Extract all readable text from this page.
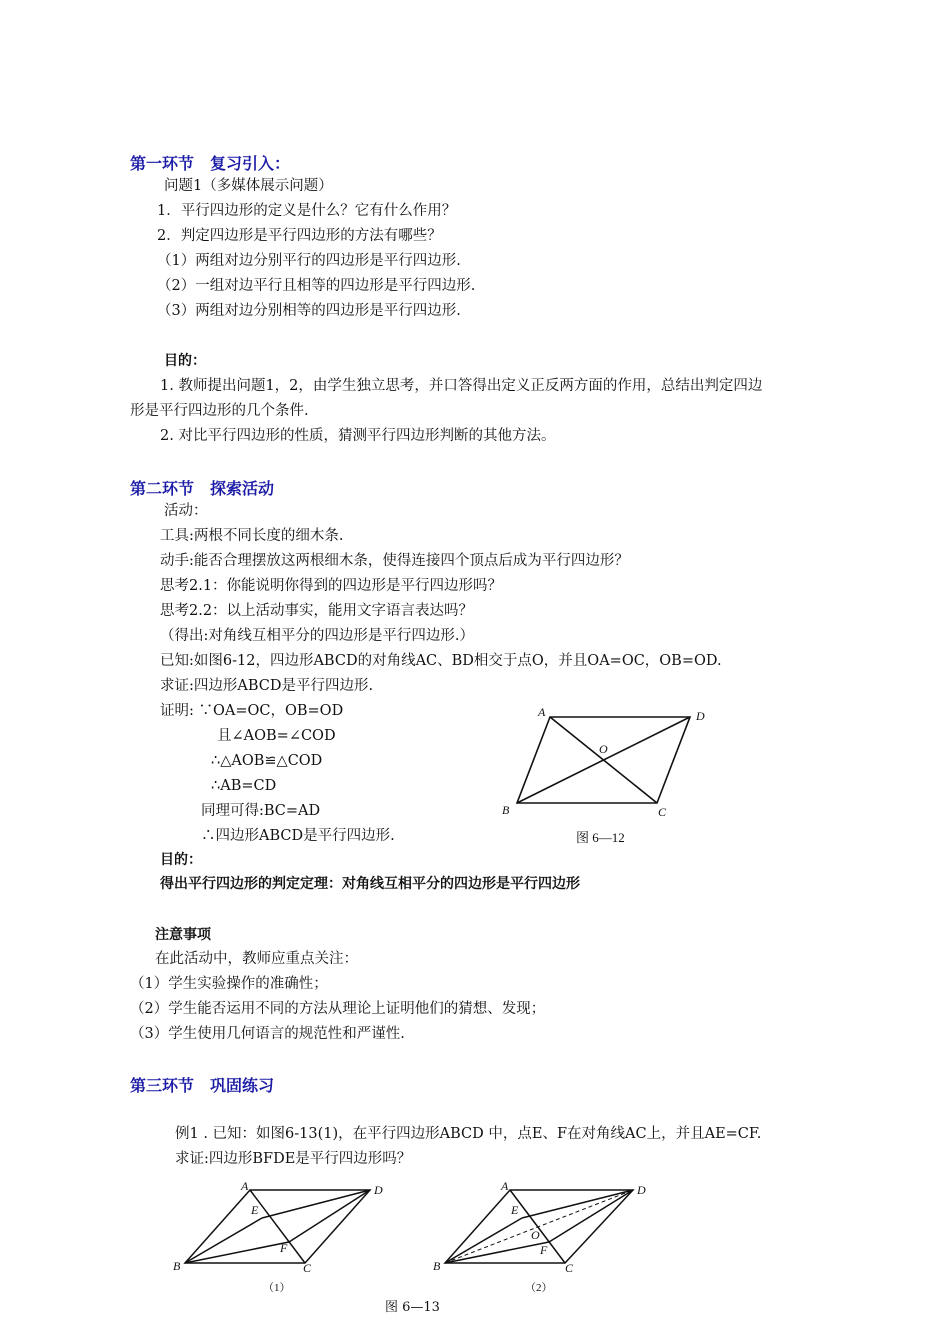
第一环节　复习引入：
问题1（多媒体展示问题）
1．平行四边形的定义是什么？它有什么作用？
2．判定四边形是平行四边形的方法有哪些？
（1）两组对边分别平行的四边形是平行四边形.
（2）一组对边平行且相等的四边形是平行四边形.
（3）两组对边分别相等的四边形是平行四边形.
目的：
1. 教师提出问题1，2，由学生独立思考，并口答得出定义正反两方面的作用，总结出判定四边
形是平行四边形的几个条件.
2. 对比平行四边形的性质，猜测平行四边形判断的其他方法。
第二环节　探索活动
活动：
工具:两根不同长度的细木条.
动手:能否合理摆放这两根细木条，使得连接四个顶点后成为平行四边形？
思考2.1：你能说明你得到的四边形是平行四边形吗？
思考2.2：以上活动事实，能用文字语言表达吗？
（得出:对角线互相平分的四边形是平行四边形.）
已知:如图6-12，四边形ABCD的对角线AC、BD相交于点O，并且OA=OC，OB=OD.
求证:四边形ABCD是平行四边形.
证明: ∵OA=OC，OB=OD
且∠AOB=∠COD
∴△AOB≌△COD
∴AB=CD
同理可得:BC=AD
∴四边形ABCD是平行四边形.
A	D
O
B	C
图 6—12
目的：
得出平行四边形的判定定理：对角线互相平分的四边形是平行四边形
注意事项
在此活动中，教师应重点关注：
（1）学生实验操作的准确性；
（2）学生能否运用不同的方法从理论上证明他们的猜想、发现；
（3）学生使用几何语言的规范性和严谨性.
第三环节　巩固练习
例1 . 已知：如图6-13(1)，在平行四边形ABCD 中，点E、F在对角线AC上，并且AE=CF.
求证:四边形BFDE是平行四边形吗？
A	D
E
F
B	C
（1）
A	D
E
O
F
B	C
（2）
图 6—13
